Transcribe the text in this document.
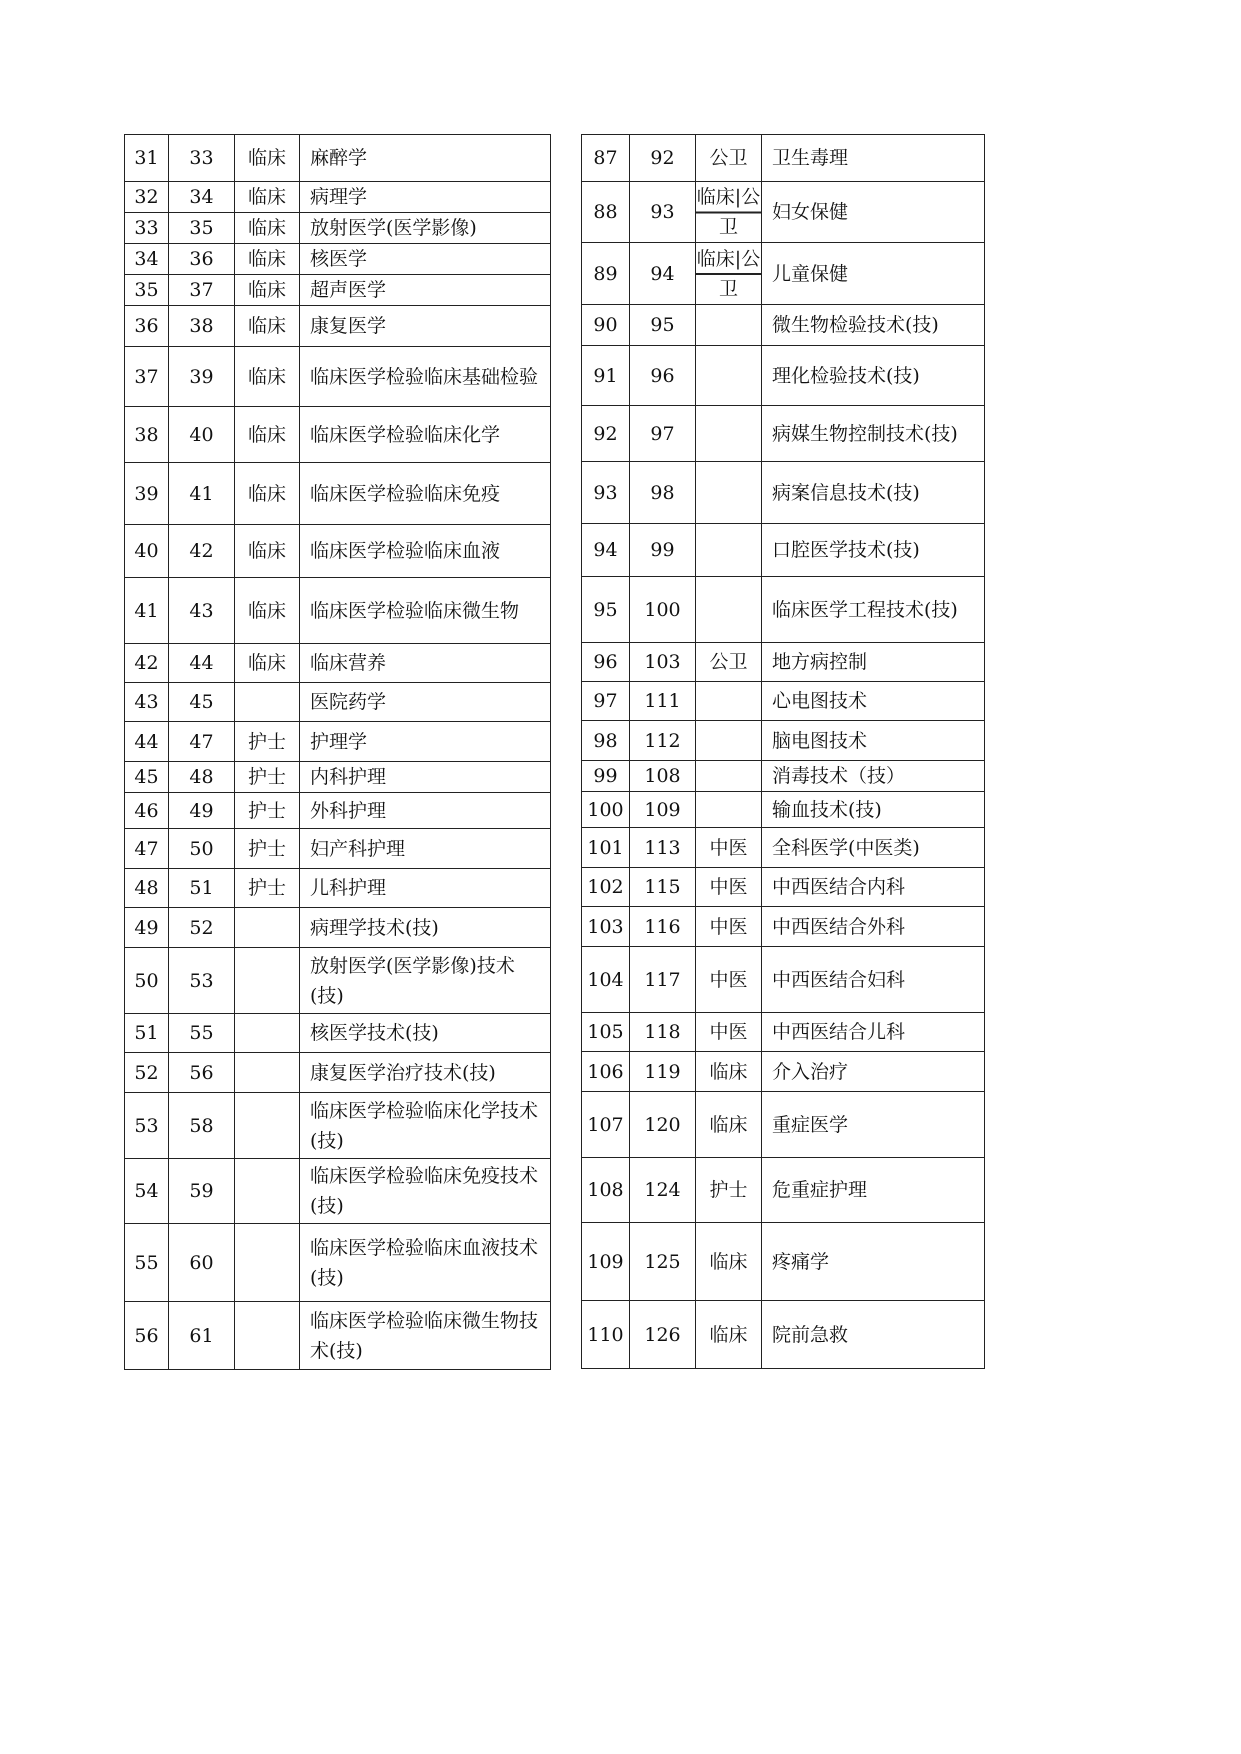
31	33	临床	麻醉学
32	34	临床	病理学
33	35	临床	放射医学(医学影像)
34	36	临床	核医学
35	37	临床	超声医学
36	38	临床	康复医学
37	39	临床	临床医学检验临床基础检验
38	40	临床	临床医学检验临床化学
39	41	临床	临床医学检验临床免疫
40	42	临床	临床医学检验临床血液
41	43	临床	临床医学检验临床微生物
42	44	临床	临床营养
43	45		医院药学
44	47	护士	护理学
45	48	护士	内科护理
46	49	护士	外科护理
47	50	护士	妇产科护理
48	51	护士	儿科护理
49	52		病理学技术(技)
50	53		放射医学(医学影像)技术(技)
51	55		核医学技术(技)
52	56		康复医学治疗技术(技)
53	58		临床医学检验临床化学技术(技)
54	59		临床医学检验临床免疫技术(技)
55	60		临床医学检验临床血液技术(技)
56	61		临床医学检验临床微生物技术(技)
87	92	公卫	卫生毒理
88	93	临床|公卫	妇女保健

89	94	临床|公卫	儿童保健

90	95		微生物检验技术(技)
91	96		理化检验技术(技)
92	97		病媒生物控制技术(技)
93	98		病案信息技术(技)
94	99		口腔医学技术(技)
95	100		临床医学工程技术(技)
96	103	公卫	地方病控制
97	111		心电图技术
98	112		脑电图技术
99	108		消毒技术（技）
100	109		输血技术(技)
101	113	中医	全科医学(中医类)
102	115	中医	中西医结合内科
103	116	中医	中西医结合外科
104	117	中医	中西医结合妇科
105	118	中医	中西医结合儿科
106	119	临床	介入治疗
107	120	临床	重症医学
108	124	护士	危重症护理
109	125	临床	疼痛学
110	126	临床	院前急救
